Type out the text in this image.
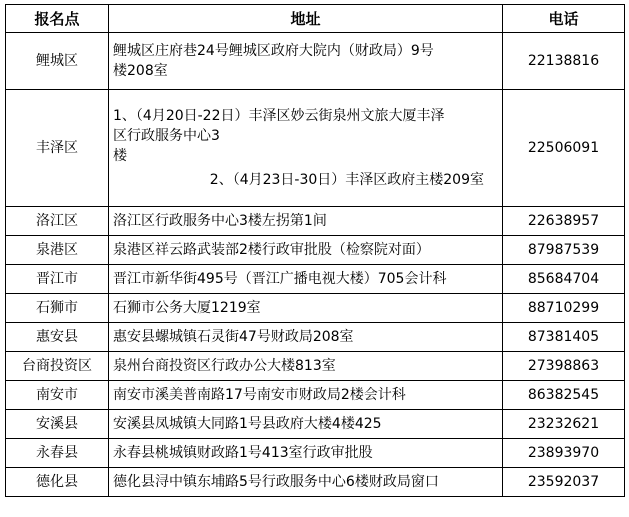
报名点	地址	电话
鲤城区	鲤城区庄府巷24号鲤城区政府大院内（财政局）9号
楼208室	22138816
丰泽区	1、（4月20日-22日）丰泽区妙云街泉州文旅大厦丰泽
区行政服务中心3
楼
2、（4月23日-30日）丰泽区政府主楼209室	22506091
洛江区	洛江区行政服务中心3楼左拐第1间	22638957
泉港区	泉港区祥云路武装部2楼行政审批股（检察院对面）	87987539
晋江市	晋江市新华街495号（晋江广播电视大楼）705会计科	85684704
石狮市	石狮市公务大厦1219室	88710299
惠安县	惠安县螺城镇石灵街47号财政局208室	87381405
台商投资区	泉州台商投资区行政办公大楼813室	27398863
南安市	南安市溪美普南路17号南安市财政局2楼会计科	86382545
安溪县	安溪县凤城镇大同路1号县政府大楼4楼425	23232621
永春县	永春县桃城镇财政路1号413室行政审批股	23893970
德化县	德化县浔中镇东埔路5号行政服务中心6楼财政局窗口	23592037
